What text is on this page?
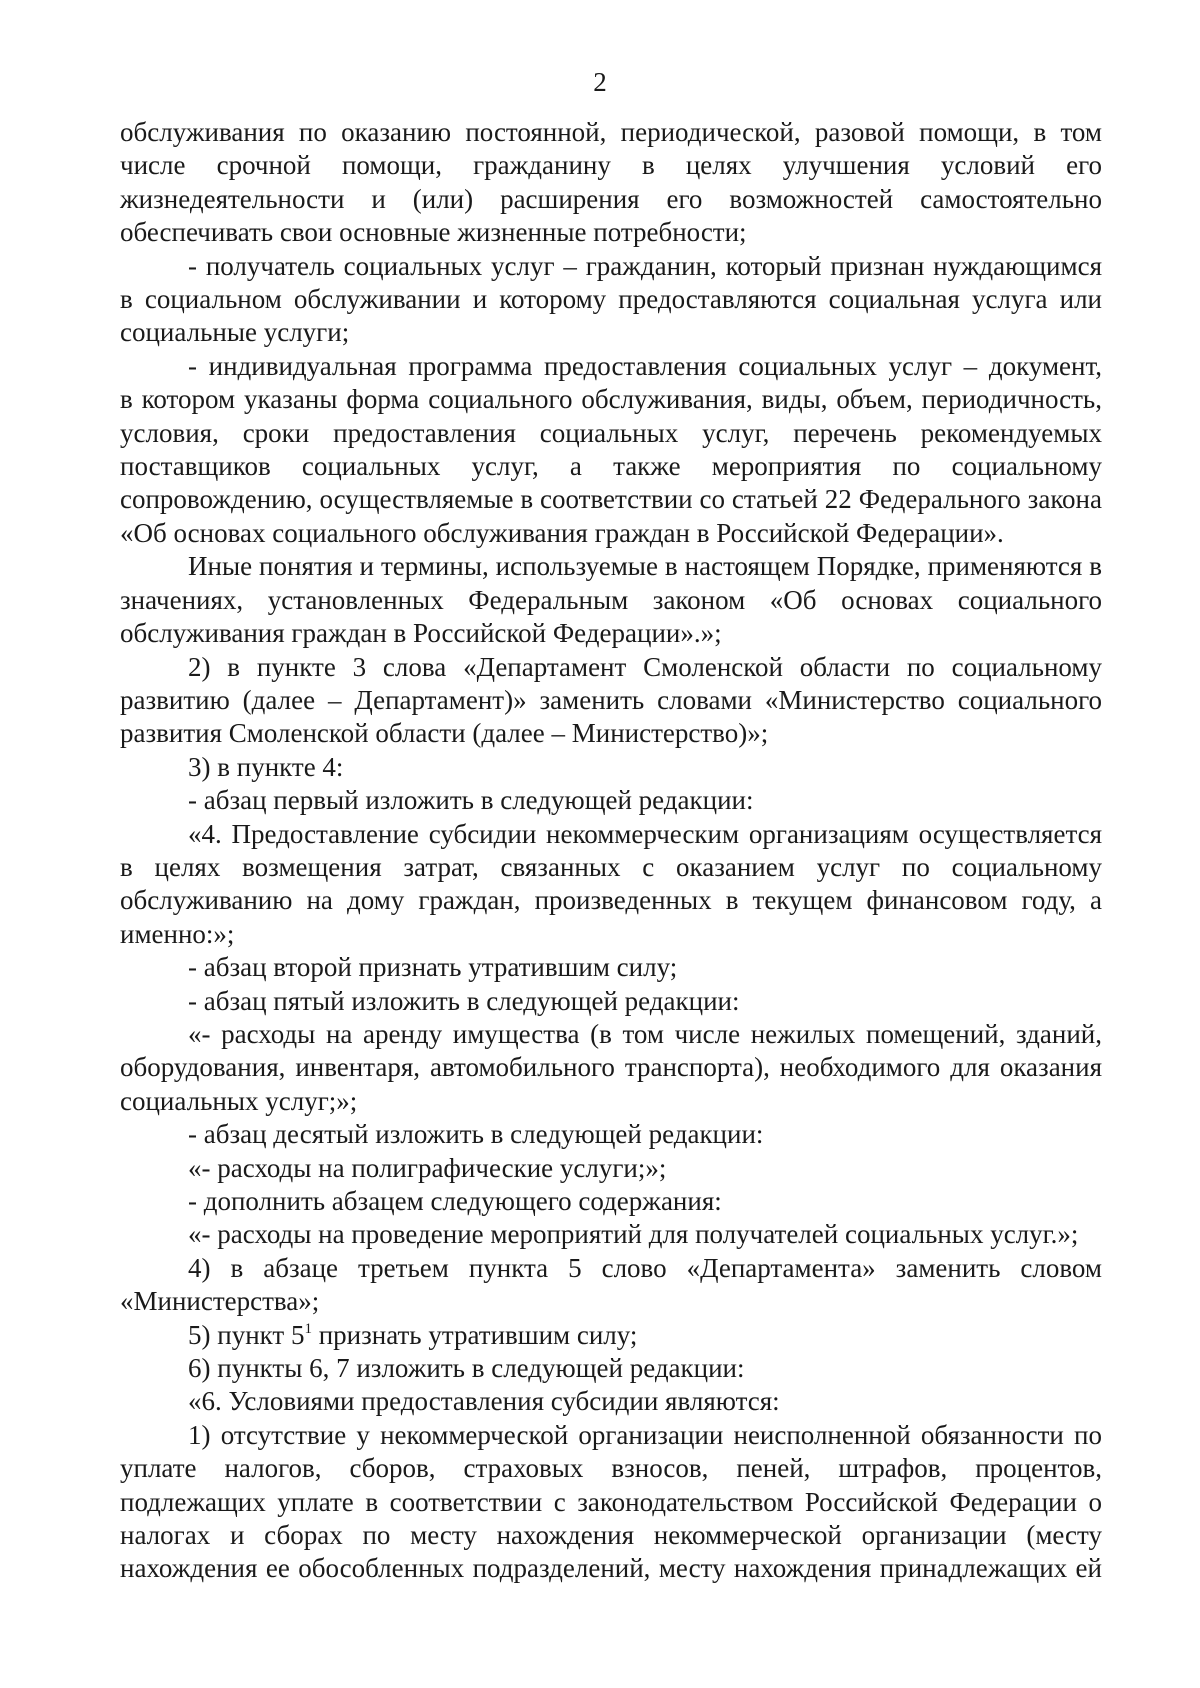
2
обслуживания по оказанию постоянной, периодической, разовой помощи, в том
числе срочной помощи, гражданину в целях улучшения условий его
жизнедеятельности и (или) расширения его возможностей самостоятельно
обеспечивать свои основные жизненные потребности;
- получатель социальных услуг – гражданин, который признан нуждающимся
в социальном обслуживании и которому предоставляются социальная услуга или
социальные услуги;
- индивидуальная программа предоставления социальных услуг – документ,
в котором указаны форма социального обслуживания, виды, объем, периодичность,
условия, сроки предоставления социальных услуг, перечень рекомендуемых
поставщиков социальных услуг, а также мероприятия по социальному
сопровождению, осуществляемые в соответствии со статьей 22 Федерального закона
«Об основах социального обслуживания граждан в Российской Федерации».
Иные понятия и термины, используемые в настоящем Порядке, применяются в
значениях, установленных Федеральным законом «Об основах социального
обслуживания граждан в Российской Федерации».»;
2) в пункте 3 слова «Департамент Смоленской области по социальному
развитию (далее – Департамент)» заменить словами «Министерство социального
развития Смоленской области (далее – Министерство)»;
3) в пункте 4:
- абзац первый изложить в следующей редакции:
«4. Предоставление субсидии некоммерческим организациям осуществляется
в целях возмещения затрат, связанных с оказанием услуг по социальному
обслуживанию на дому граждан, произведенных в текущем финансовом году, а
именно:»;
- абзац второй признать утратившим силу;
- абзац пятый изложить в следующей редакции:
«- расходы на аренду имущества (в том числе нежилых помещений, зданий,
оборудования, инвентаря, автомобильного транспорта), необходимого для оказания
социальных услуг;»;
- абзац десятый изложить в следующей редакции:
«- расходы на полиграфические услуги;»;
- дополнить абзацем следующего содержания:
«- расходы на проведение мероприятий для получателей социальных услуг.»;
4) в абзаце третьем пункта 5 слово «Департамента» заменить словом
«Министерства»;
5) пункт $5^1$ признать утратившим силу;
6) пункты 6, 7 изложить в следующей редакции:
«6. Условиями предоставления субсидии являются:
1) отсутствие у некоммерческой организации неисполненной обязанности по
уплате налогов, сборов, страховых взносов, пеней, штрафов, процентов,
подлежащих уплате в соответствии с законодательством Российской Федерации о
налогах и сборах по месту нахождения некоммерческой организации (месту
нахождения ее обособленных подразделений, месту нахождения принадлежащих ей
